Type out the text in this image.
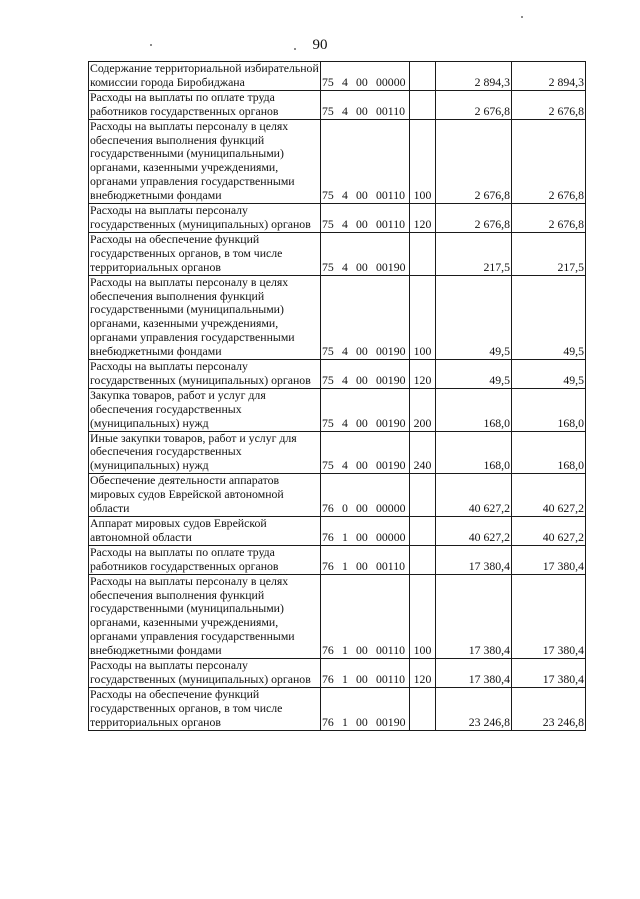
90
Содержание территориальной избирательной комиссии города Биробиджана	75 4 00 00000		2 894,3	2 894,3
Расходы на выплаты по оплате труда работников государственных органов	75 4 00 00110		2 676,8	2 676,8
Расходы на выплаты персоналу в целях обеспечения выполнения функций государственными (муниципальными) органами, казенными учреждениями, органами управления государственными внебюджетными фондами	75 4 00 00110	100	2 676,8	2 676,8
Расходы на выплаты персоналу государственных (муниципальных) органов	75 4 00 00110	120	2 676,8	2 676,8
Расходы на обеспечение функций государственных органов, в том числе территориальных органов	75 4 00 00190		217,5	217,5
Расходы на выплаты персоналу в целях обеспечения выполнения функций государственными (муниципальными) органами, казенными учреждениями, органами управления государственными внебюджетными фондами	75 4 00 00190	100	49,5	49,5
Расходы на выплаты персоналу государственных (муниципальных) органов	75 4 00 00190	120	49,5	49,5
Закупка товаров, работ и услуг для обеспечения государственных (муниципальных) нужд	75 4 00 00190	200	168,0	168,0
Иные закупки товаров, работ и услуг для обеспечения государственных (муниципальных) нужд	75 4 00 00190	240	168,0	168,0
Обеспечение деятельности аппаратов мировых судов Еврейской автономной области	76 0 00 00000		40 627,2	40 627,2
Аппарат мировых судов Еврейской автономной области	76 1 00 00000		40 627,2	40 627,2
Расходы на выплаты по оплате труда работников государственных органов	76 1 00 00110		17 380,4	17 380,4
Расходы на выплаты персоналу в целях обеспечения выполнения функций государственными (муниципальными) органами, казенными учреждениями, органами управления государственными внебюджетными фондами	76 1 00 00110	100	17 380,4	17 380,4
Расходы на выплаты персоналу государственных (муниципальных) органов	76 1 00 00110	120	17 380,4	17 380,4
Расходы на обеспечение функций государственных органов, в том числе территориальных органов	76 1 00 00190		23 246,8	23 246,8
